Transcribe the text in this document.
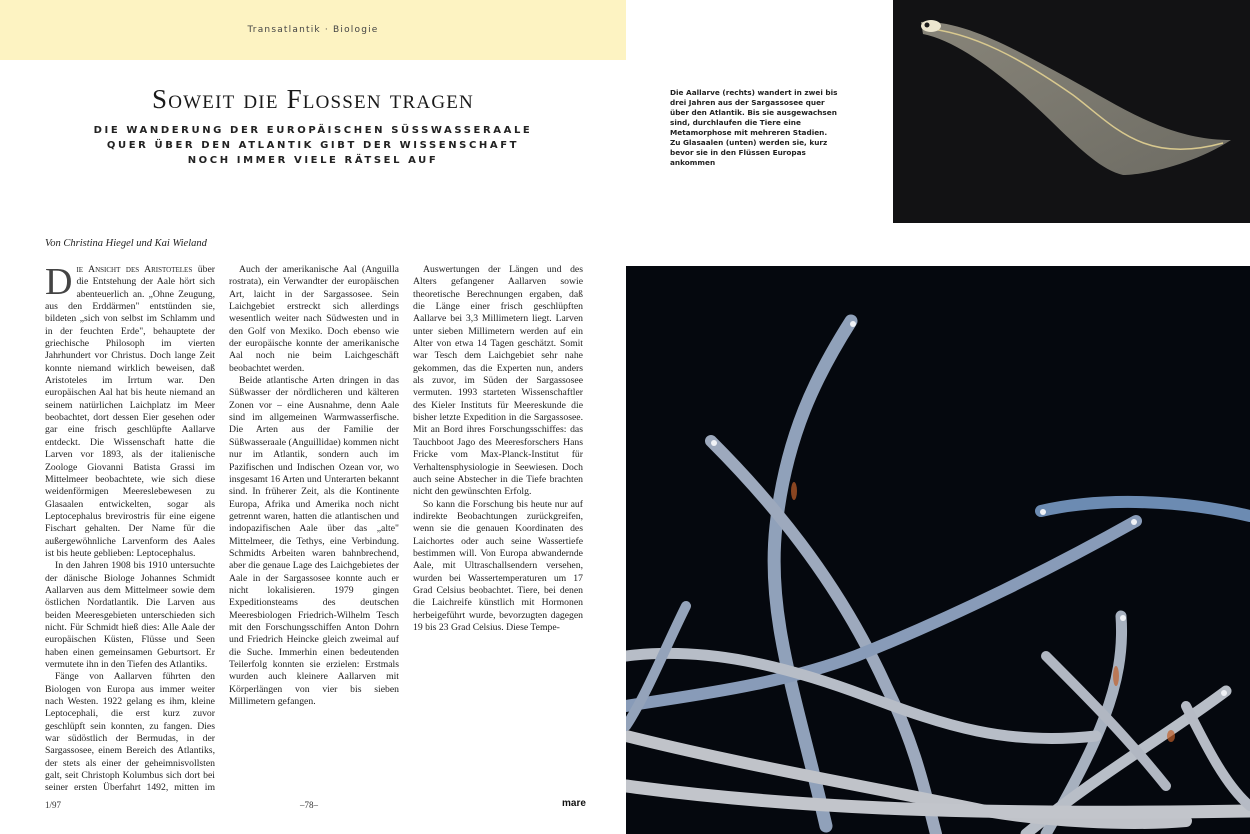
Transatlantik · Biologie
Soweit die Flossen tragen
DIE WANDERUNG DER EUROPÄISCHEN SÜSSWASSERAALE
QUER ÜBER DEN ATLANTIK GIBT DER WISSENSCHAFT
NOCH IMMER VIELE RÄTSEL AUF
Von Christina Hiegel und Kai Wieland

Die Ansicht des Aristoteles über die Entstehung der Aale hört sich abenteuerlich an. „Ohne Zeugung, aus den Erddärmen" entstünden sie, bildeten „sich von selbst im Schlamm und in der feuchten Erde", behauptete der griechische Philosoph im vierten Jahrhundert vor Christus. Doch lange Zeit konnte niemand wirklich beweisen, daß Aristoteles im Irrtum war. Den europäischen Aal hat bis heute niemand an seinem natürlichen Laichplatz im Meer beobachtet, dort dessen Eier gesehen oder gar eine frisch geschlüpfte Aallarve entdeckt. Die Wissenschaft hatte die Larven vor 1893, als der italienische Zoologe Giovanni Batista Grassi im Mittelmeer beobachtete, wie sich diese weidenförmigen Meereslebewesen zu Glasaalen entwickelten, sogar als Leptocephalus brevirostris für eine eigene Fischart gehalten. Der Name für die außergewöhnliche Larvenform des Aales ist bis heute geblieben: Leptocephalus.

In den Jahren 1908 bis 1910 untersuchte der dänische Biologe Johannes Schmidt Aallarven aus dem Mittelmeer sowie dem östlichen Nordatlantik. Die Larven aus beiden Meeresgebieten unterschieden sich nicht. Für Schmidt hieß dies: Alle Aale der europäischen Küsten, Flüsse und Seen haben einen gemeinsamen Geburtsort. Er vermutete ihn in den Tiefen des Atlantiks.

Fänge von Aallarven führten den Biologen von Europa aus immer weiter nach Westen. 1922 gelang es ihm, kleine Leptocephali, die erst kurz zuvor geschlüpft sein konnten, zu fangen. Dies war südöstlich der Bermudas, in der Sargassosee, einem Bereich des Atlantiks, der stets als einer der geheimnisvollsten galt, seit Christoph Kolumbus sich dort bei seiner ersten Überfahrt 1492, mitten im

Auch der amerikanische Aal (Anguilla rostrata), ein Verwandter der europäischen Art, laicht in der Sargassosee. Sein Laichgebiet erstreckt sich allerdings wesentlich weiter nach Südwesten und in den Golf von Mexiko. Doch ebenso wie der europäische konnte der amerikanische Aal noch nie beim Laichgeschäft beobachtet werden.

Beide atlantische Arten dringen in das Süßwasser der nördlicheren und kälteren Zonen vor – eine Ausnahme, denn Aale sind im allgemeinen Warmwasserfische. Die Arten aus der Familie der Süßwasseraale (Anguillidae) kommen nicht nur im Atlantik, sondern auch im Pazifischen und Indischen Ozean vor, wo insgesamt 16 Arten und Unterarten bekannt sind. In früherer Zeit, als die Kontinente Europa, Afrika und Amerika noch nicht getrennt waren, hatten die atlantischen und indopazifischen Aale über das „alte" Mittelmeer, die Tethys, eine Verbindung. Schmidts Arbeiten waren bahnbrechend, aber die genaue Lage des Laichgebietes der Aale in der Sargassosee konnte auch er nicht lokalisieren. 1979 gingen Expeditionsteams des deutschen Meeresbiologen Friedrich-Wilhelm Tesch mit den Forschungsschiffen Anton Dohrn und Friedrich Heincke gleich zweimal auf die Suche. Immerhin einen bedeutenden Teilerfolg konnten sie erzielen: Erstmals wurden auch kleinere Aallarven mit Körperlängen von vier bis sieben Millimetern gefangen.

Auswertungen der Längen und des Alters gefangener Aallarven sowie theoretische Berechnungen ergaben, daß die Länge einer frisch geschlüpften Aallarve bei 3,3 Millimetern liegt. Larven unter sieben Millimetern werden auf ein Alter von etwa 14 Tagen geschätzt. Somit war Tesch dem Laichgebiet sehr nahe gekommen, das die Experten nun, anders als zuvor, im Süden der Sargassosee vermuten. 1993 starteten Wissenschaftler des Kieler Instituts für Meereskunde die bisher letzte Expedition in die Sargassosee. Mit an Bord ihres Forschungsschiffes: das Tauchboot Jago des Meeresforschers Hans Fricke vom Max-Planck-Institut für Verhaltensphysiologie in Seewiesen. Doch auch seine Abstecher in die Tiefe brachten nicht den gewünschten Erfolg.

So kann die Forschung bis heute nur auf indirekte Beobachtungen zurückgreifen, wenn sie die genauen Koordinaten des Laichortes oder auch seine Wassertiefe bestimmen will. Von Europa abwandernde Aale, mit Ultraschallsendern versehen, wurden bei Wassertemperaturen um 17 Grad Celsius beobachtet. Tiere, bei denen die Laichreife künstlich mit Hormonen herbeigeführt wurde, bevorzugten dagegen 19 bis 23 Grad Celsius. Diese Tempe-

1/97	–78–	mare
Die Aallarve (rechts) wandert in zwei bis drei Jahren aus der Sargassosee quer über den Atlantik. Bis sie ausgewachsen sind, durchlaufen die Tiere eine Metamorphose mit mehreren Stadien. Zu Glasaalen (unten) werden sie, kurz bevor sie in den Flüssen Europas ankommen
